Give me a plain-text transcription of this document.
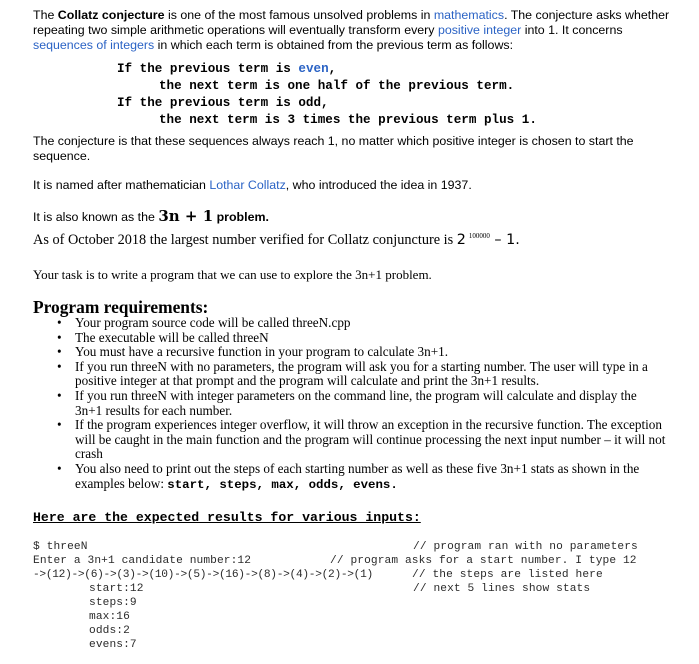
The Collatz conjecture is one of the most famous unsolved problems in mathematics. The conjecture asks whether repeating two simple arithmetic operations will eventually transform every positive integer into 1. It concerns sequences of integers in which each term is obtained from the previous term as follows:
If the previous term is even,
the next term is one half of the previous term.
If the previous term is odd,
the next term is 3 times the previous term plus 1.
The conjecture is that these sequences always reach 1, no matter which positive integer is chosen to start the sequence.
It is named after mathematician Lothar Collatz, who introduced the idea in 1937.
It is also known as the 3n + 1 problem.
As of October 2018 the largest number verified for Collatz conjuncture is 2 $^{100000}$ – 1.
Your task is to write a program that we can use to explore the 3n+1 problem.
Program requirements:
• Your program source code will be called threeN.cpp
• The executable will be called threeN
• You must have a recursive function in your program to calculate 3n+1.
• If you run threeN with no parameters, the program will ask you for a starting number. The user will type in a positive integer at that prompt and the program will calculate and print the 3n+1 results.
• If you run threeN with integer parameters on the command line, the program will calculate and display the 3n+1 results for each number.
• If the program experiences integer overflow, it will throw an exception in the recursive function. The exception will be caught in the main function and the program will continue processing the next input number – it will not crash
• You also need to print out the steps of each starting number as well as these five 3n+1 stats as shown in the examples below: start, steps, max, odds, evens.
Here are the expected results for various inputs:
$ threeN	// program ran with no parameters
Enter a 3n+1 candidate number:12	// program asks for a start number. I type 12
->(12)->(6)->(3)->(10)->(5)->(16)->(8)->(4)->(2)->(1)	// the steps are listed here
start:12	// next 5 lines show stats
steps:9
max:16
odds:2
evens:7
